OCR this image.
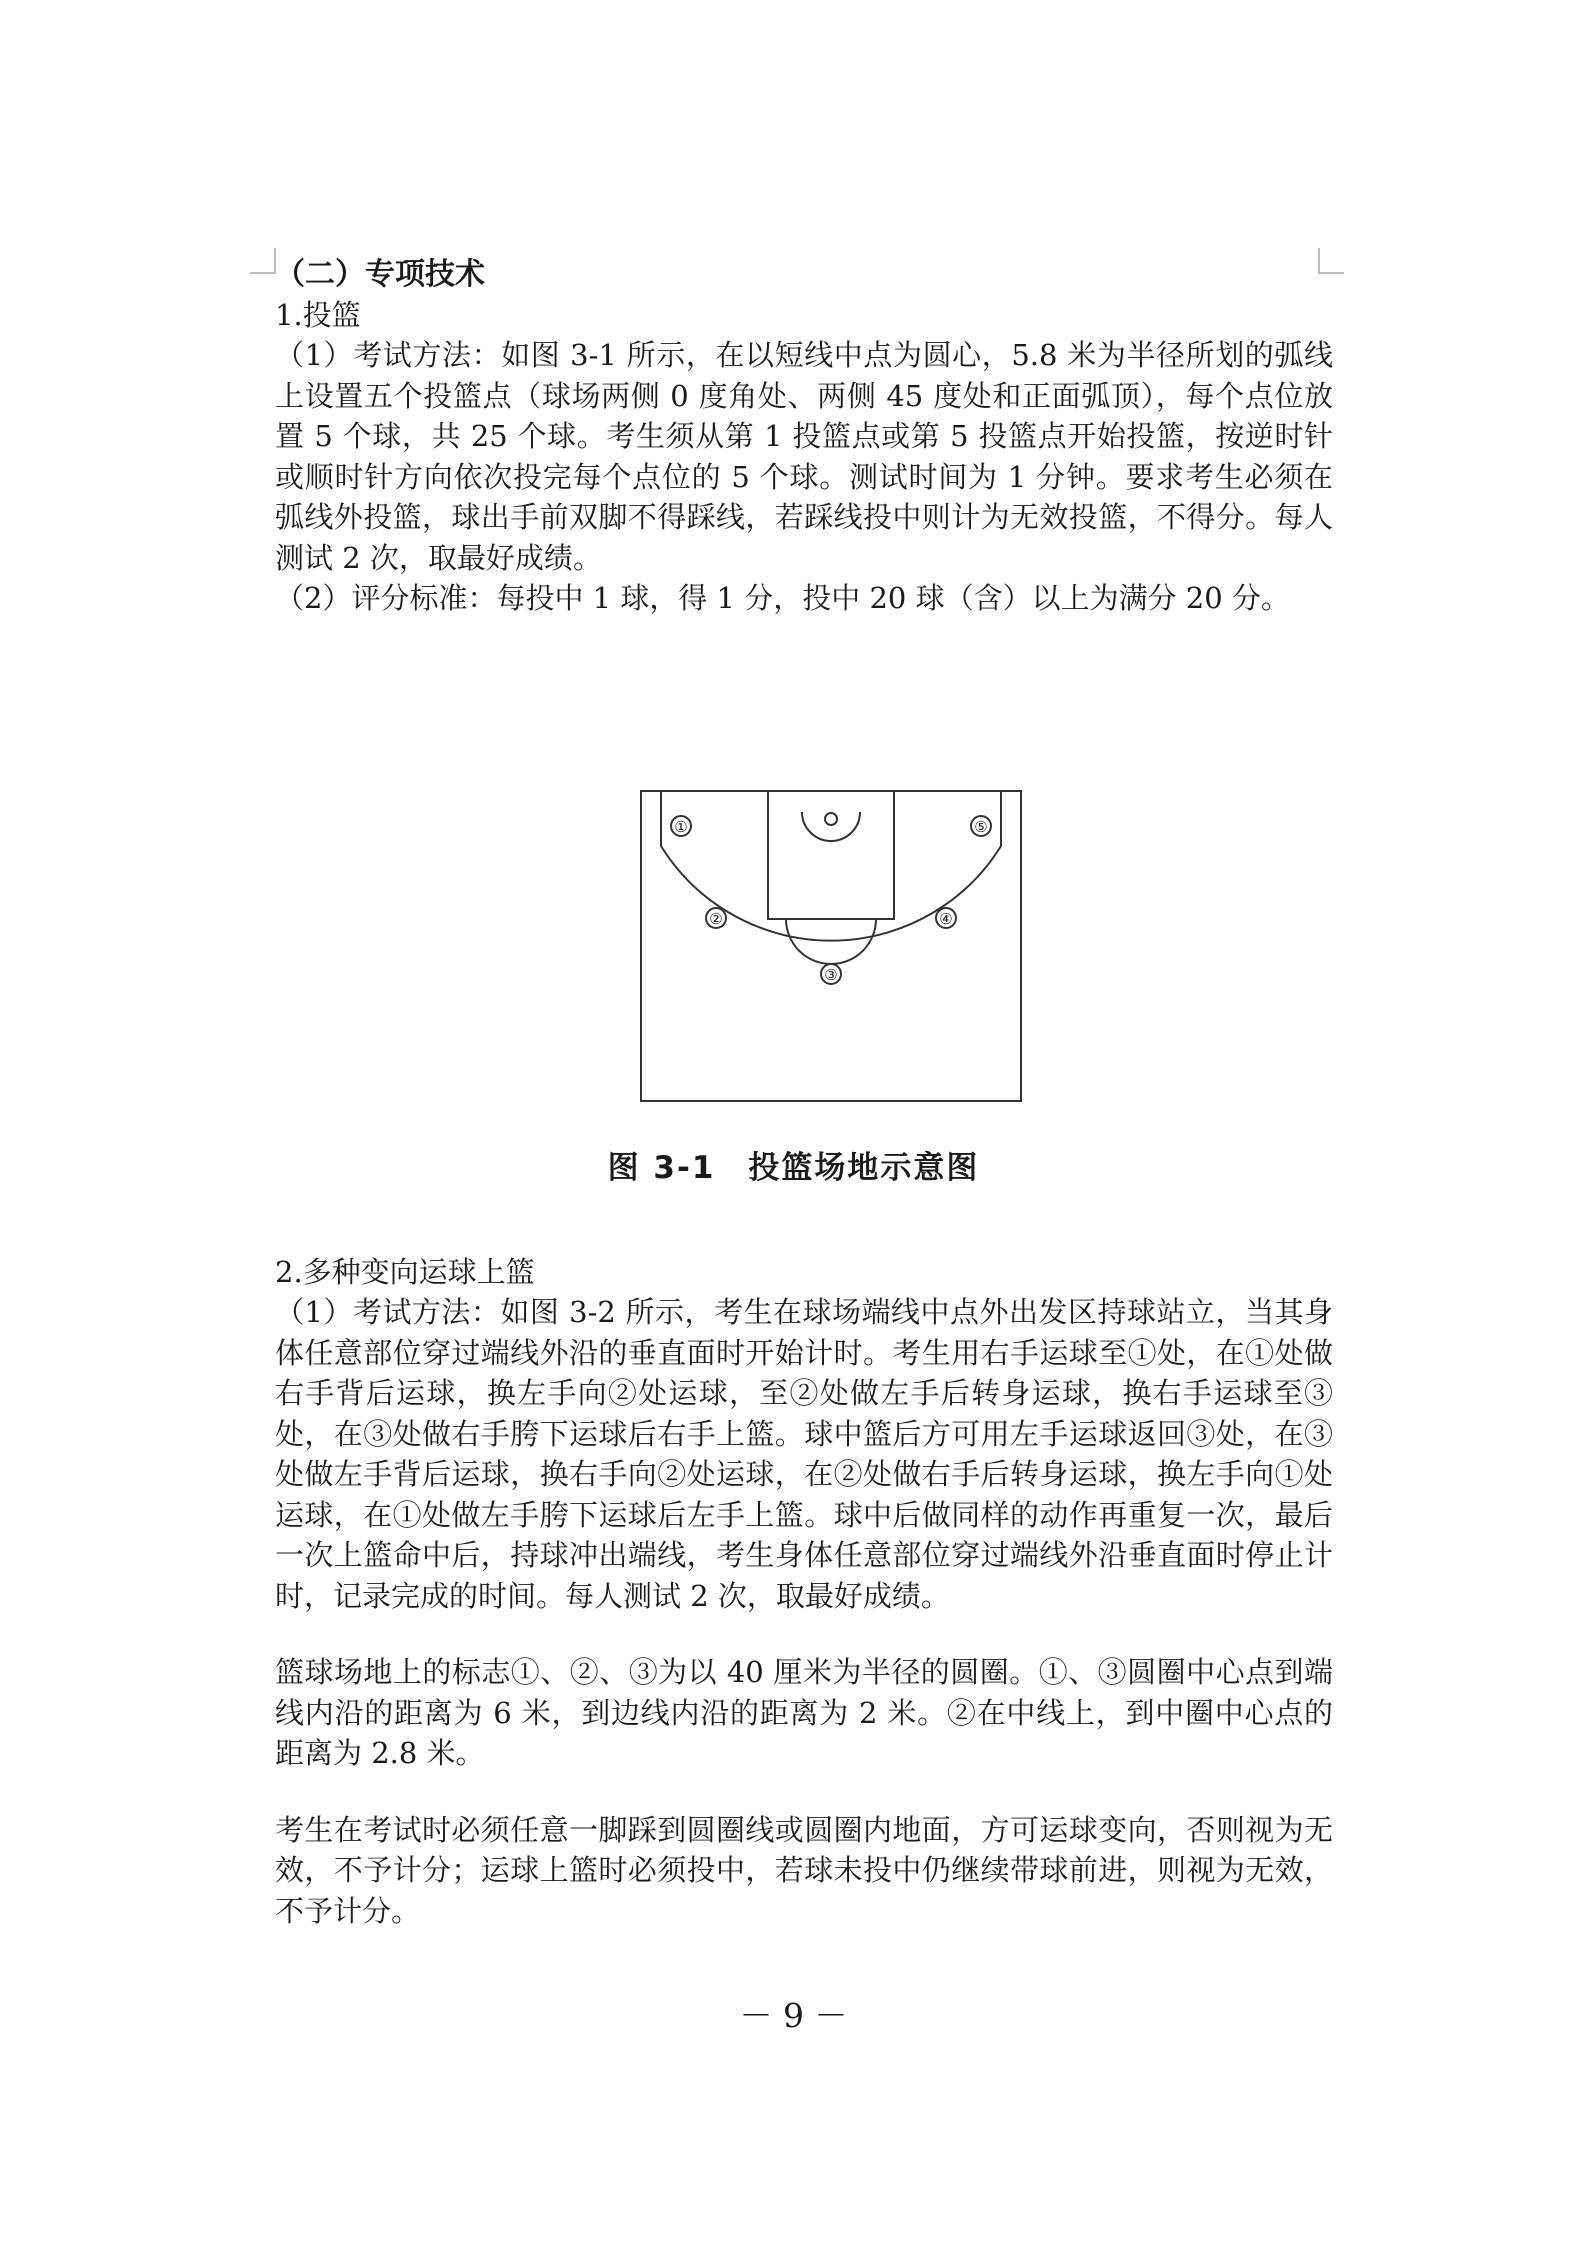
（二）专项技术

1.投篮

（1）考试方法：如图 3-1 所示，在以短线中点为圆心，5.8 米为半径所划的弧线上设置五个投篮点（球场两侧 0 度角处、两侧 45 度处和正面弧顶），每个点位放置 5 个球，共 25 个球。考生须从第 1 投篮点或第 5 投篮点开始投篮，按逆时针或顺时针方向依次投完每个点位的 5 个球。测试时间为 1 分钟。要求考生必须在弧线外投篮，球出手前双脚不得踩线，若踩线投中则计为无效投篮，不得分。每人测试 2 次，取最好成绩。

（2）评分标准：每投中 1 球，得 1 分，投中 20 球（含）以上为满分 20 分。

①
②
③
④
⑤
图 3-1　投篮场地示意图

2.多种变向运球上篮

（1）考试方法：如图 3-2 所示，考生在球场端线中点外出发区持球站立，当其身体任意部位穿过端线外沿的垂直面时开始计时。考生用右手运球至①处，在①处做右手背后运球，换左手向②处运球，至②处做左手后转身运球，换右手运球至③处，在③处做右手胯下运球后右手上篮。球中篮后方可用左手运球返回③处，在③处做左手背后运球，换右手向②处运球，在②处做右手后转身运球，换左手向①处运球，在①处做左手胯下运球后左手上篮。球中后做同样的动作再重复一次，最后一次上篮命中后，持球冲出端线，考生身体任意部位穿过端线外沿垂直面时停止计时，记录完成的时间。每人测试 2 次，取最好成绩。

篮球场地上的标志①、②、③为以 40 厘米为半径的圆圈。①、③圆圈中心点到端线内沿的距离为 6 米，到边线内沿的距离为 2 米。②在中线上，到中圈中心点的距离为 2.8 米。

考生在考试时必须任意一脚踩到圆圈线或圆圈内地面，方可运球变向，否则视为无效，不予计分；运球上篮时必须投中，若球未投中仍继续带球前进，则视为无效，不予计分。

－ 9 －
